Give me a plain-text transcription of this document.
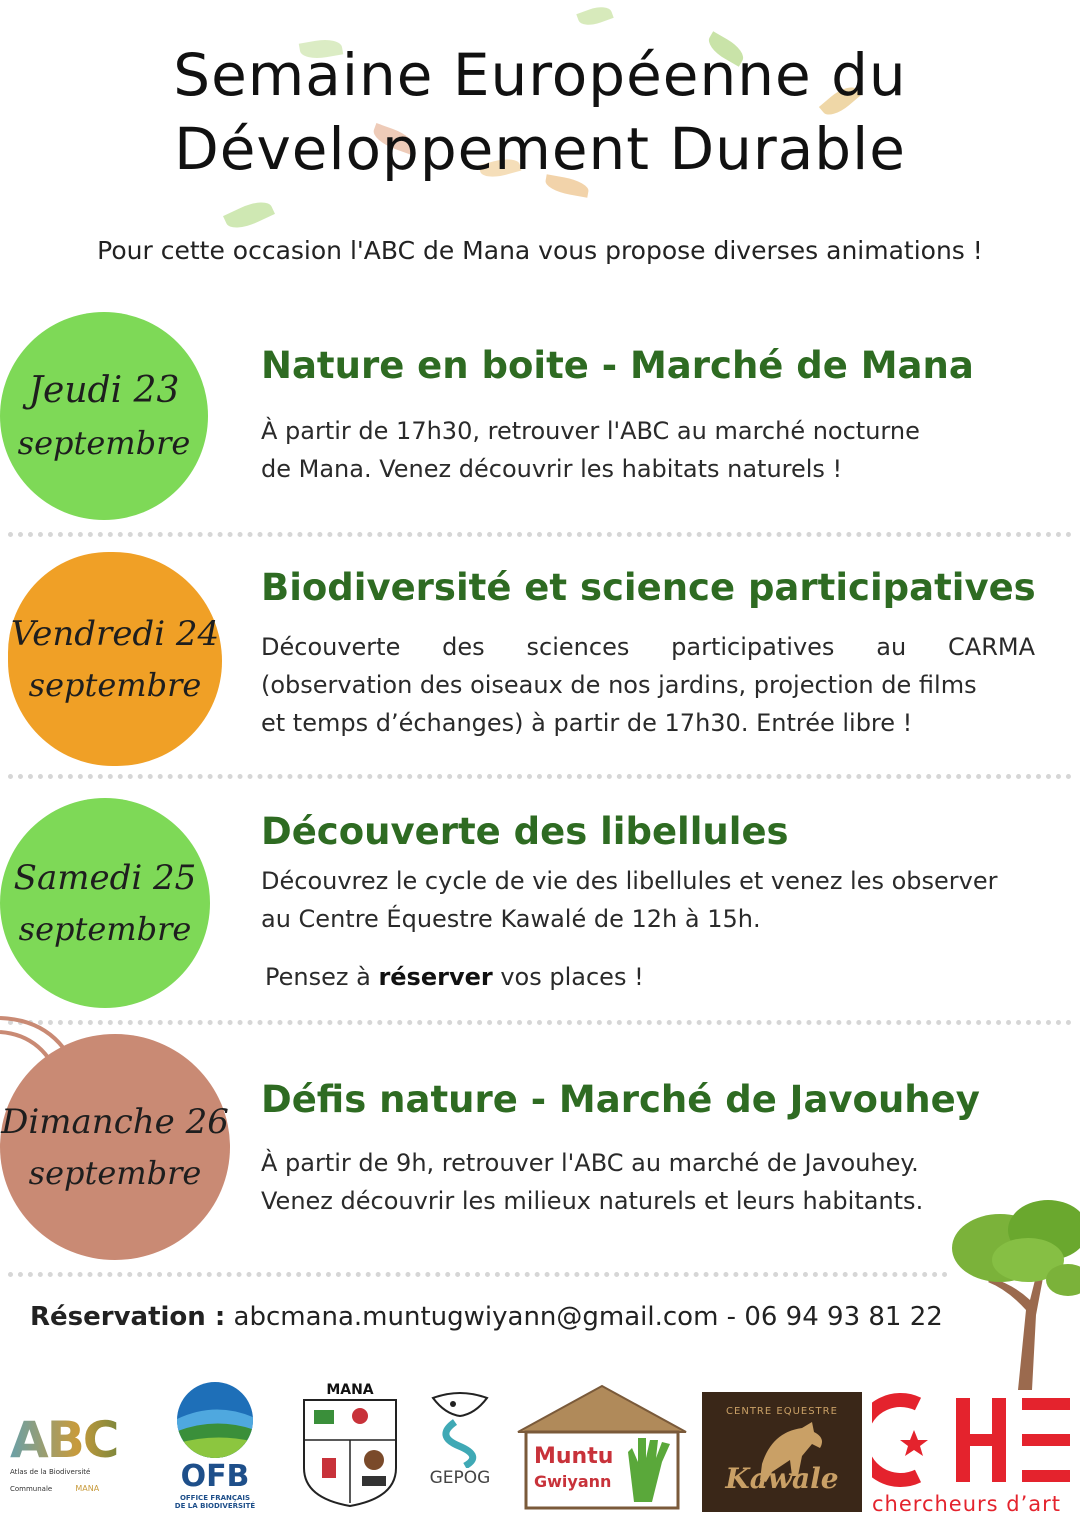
Semaine Européenne du
Développement Durable
Pour cette occasion l'ABC de Mana vous propose diverses animations !
Jeudi 23
septembre
Nature en boite - Marché de Mana
À partir de 17h30, retrouver l'ABC au marché nocturne
de Mana. Venez découvrir les habitats naturels !
Vendredi 24
septembre
Biodiversité et science participatives
Découverte des sciences participatives au CARMA
(observation des oiseaux de nos jardins, projection de films
et temps d’échanges) à partir de 17h30. Entrée libre !
Samedi 25
septembre
Découverte des libellules
Découvrez le cycle de vie des libellules et venez les observer
au Centre Équestre Kawalé de 12h à 15h.
Pensez à réserver vos places !
Dimanche 26
septembre
Défis nature - Marché de Javouhey
À partir de 9h, retrouver l'ABC au marché de Javouhey.
Venez découvrir les milieux naturels et leurs habitants.
Réservation : abcmana.muntugwiyann@gmail.com - 06 94 93 81 22
ABC
Atlas de la Biodiversité
Communale	MANA	OFB
OFFICE FRANÇAIS
DE LA BIODIVERSITÉ
MANA
GEPOG
Muntu
Gwiyann
CENTRE EQUESTRE
Kawale
chercheurs d’art
